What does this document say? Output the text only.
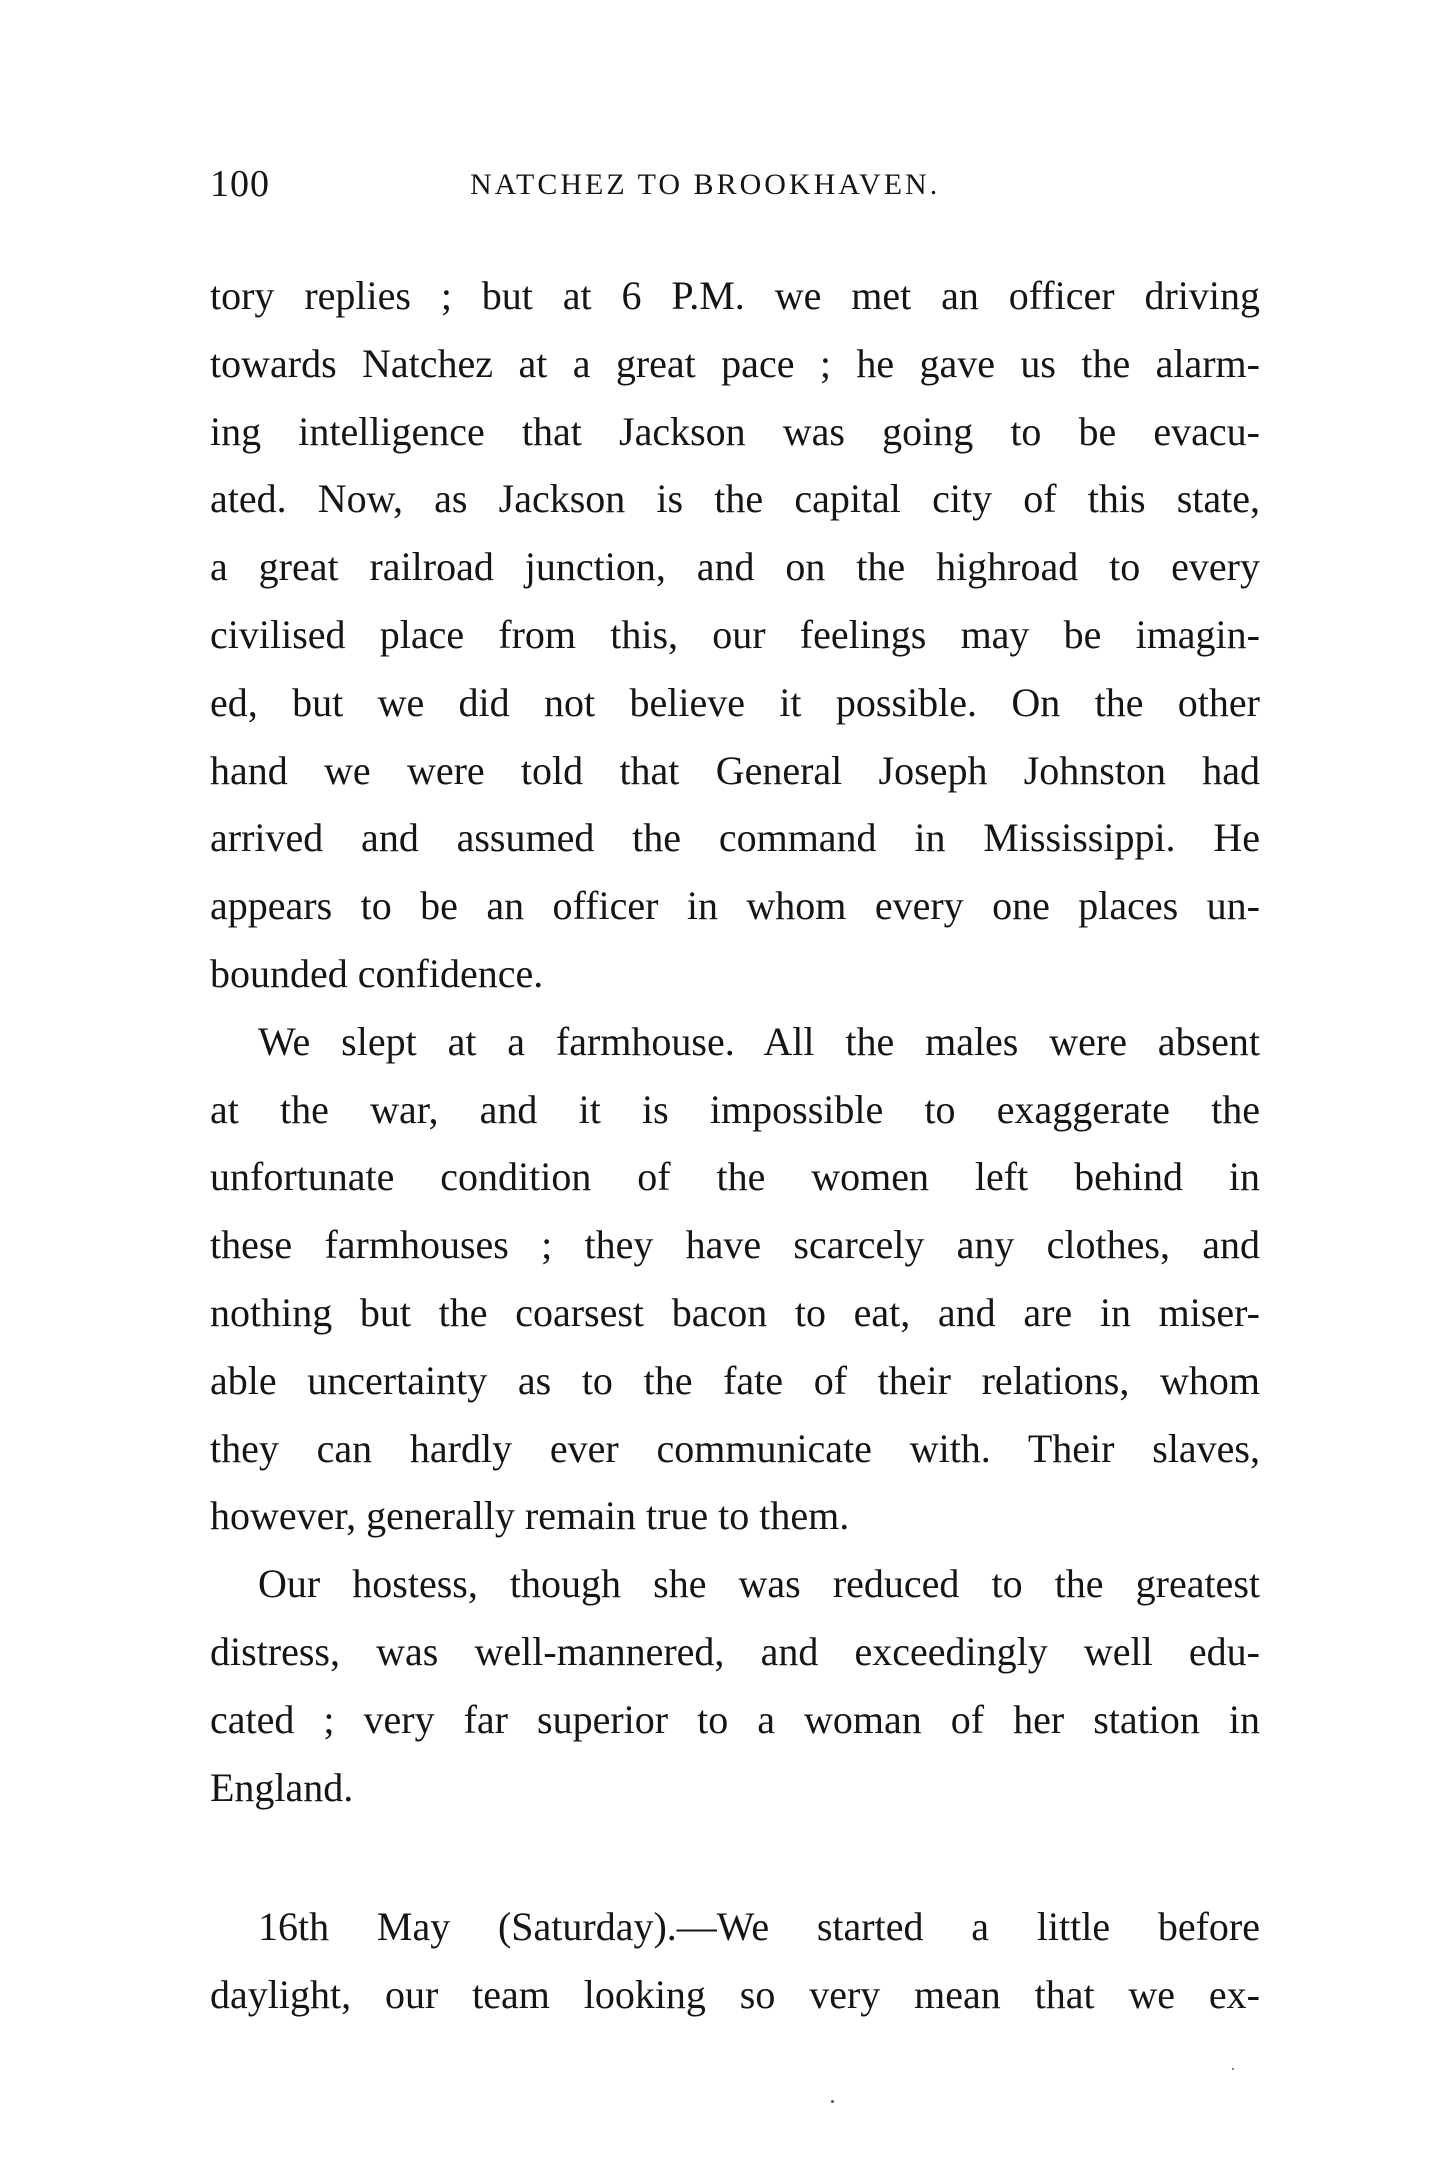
100	NATCHEZ TO BROOKHAVEN.
tory replies ; but at 6 P.M. we met an officer driving
towards Natchez at a great pace ; he gave us the alarm-
ing intelligence that Jackson was going to be evacu-
ated. Now, as Jackson is the capital city of this state,
a great railroad junction, and on the highroad to every
civilised place from this, our feelings may be imagin-
ed, but we did not believe it possible. On the other
hand we were told that General Joseph Johnston had
arrived and assumed the command in Mississippi. He
appears to be an officer in whom every one places un-
bounded confidence.
We slept at a farmhouse. All the males were absent
at the war, and it is impossible to exaggerate the
unfortunate condition of the women left behind in
these farmhouses ; they have scarcely any clothes, and
nothing but the coarsest bacon to eat, and are in miser-
able uncertainty as to the fate of their relations, whom
they can hardly ever communicate with. Their slaves,
however, generally remain true to them.
Our hostess, though she was reduced to the greatest
distress, was well-mannered, and exceedingly well edu-
cated ; very far superior to a woman of her station in
England.
16th May (Saturday).—We started a little before
daylight, our team looking so very mean that we ex-
